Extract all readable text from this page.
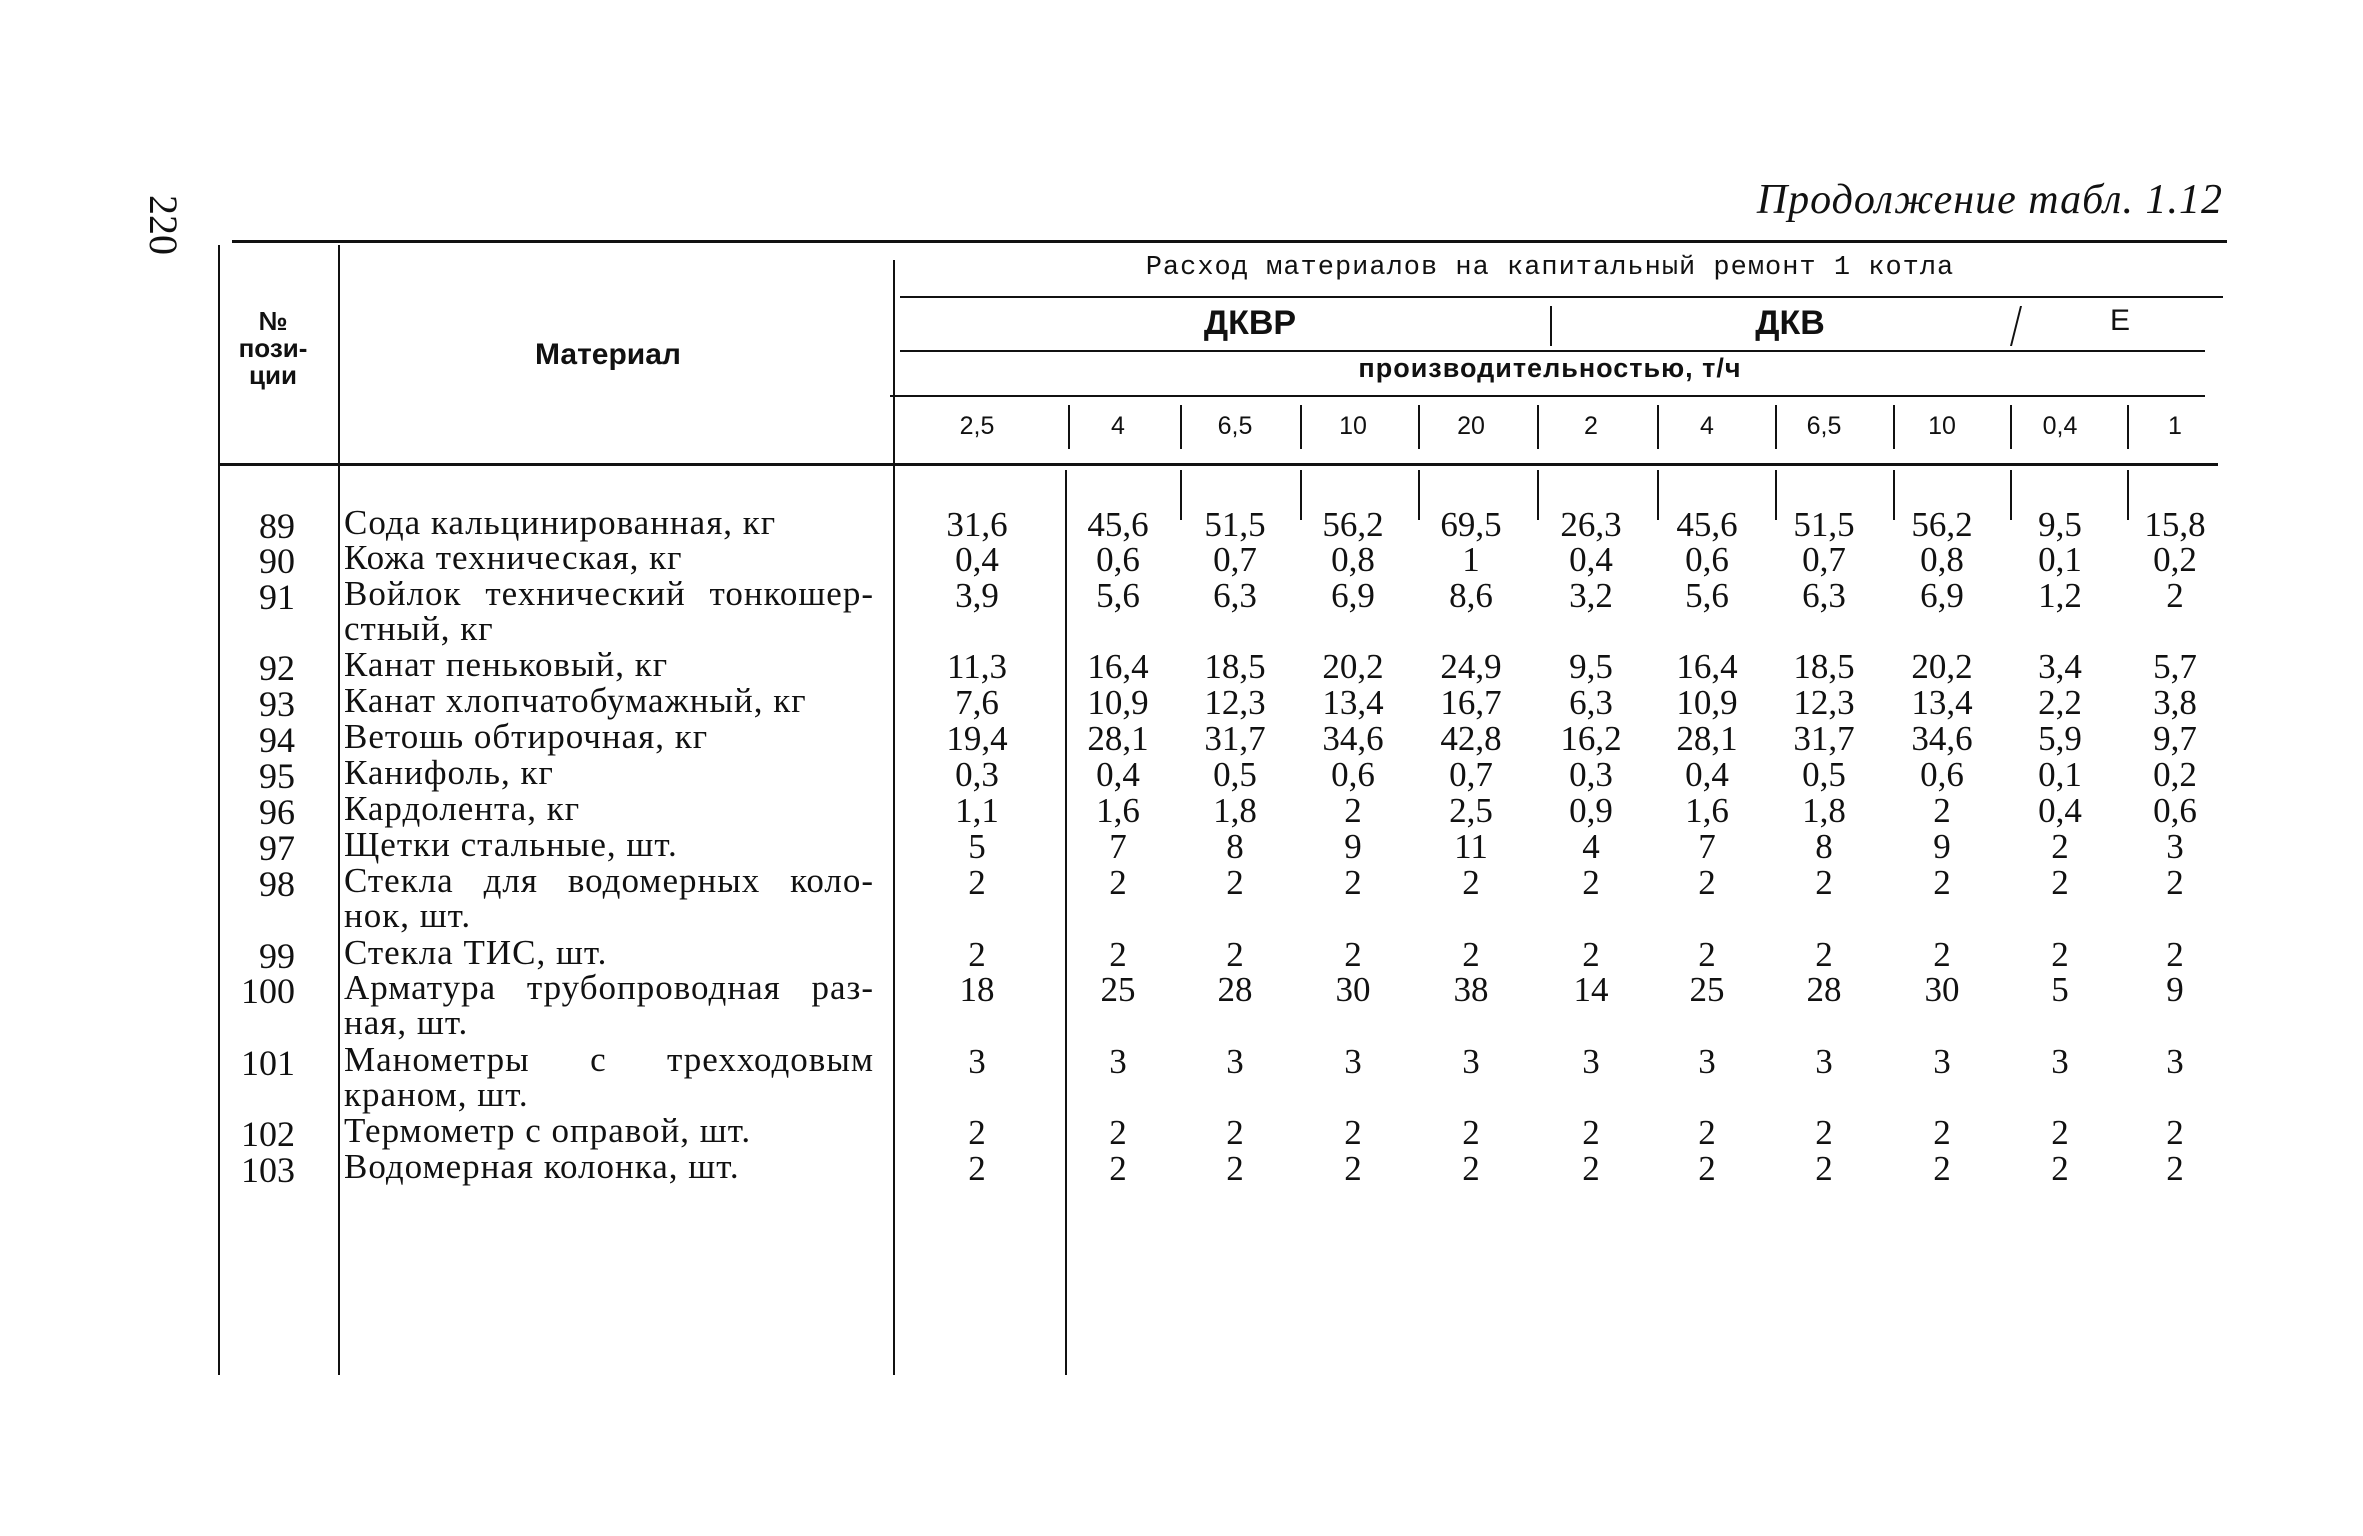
220	Продолжение табл. 1.12
№
пози-
ции
Материал
Расход материалов на капитальный ремонт 1 котла
ДКВР	ДКВ	Е
производительностью, т/ч
2,5	4	6,5	10	20	2	4	6,5	10	0,4	1
89 Сода кальцинированная, кг	31,6	45,6	51,5	56,2	69,5	26,3	45,6	51,5	56,2	9,5	15,8
90 Кожа техническая, кг	0,4	0,6	0,7	0,8	1	0,4	0,6	0,7	0,8	0,1	0,2
91 Войлок технический тонкошер-
стный, кг
3,9	5,6	6,3	6,9	8,6	3,2	5,6	6,3	6,9	1,2	2
92 Канат пеньковый, кг	11,3	16,4	18,5	20,2	24,9	9,5	16,4	18,5	20,2	3,4	5,7
93 Канат хлопчатобумажный, кг	7,6	10,9	12,3	13,4	16,7	6,3	10,9	12,3	13,4	2,2	3,8
94 Ветошь обтирочная, кг	19,4	28,1	31,7	34,6	42,8	16,2	28,1	31,7	34,6	5,9	9,7
95 Канифоль, кг	0,3	0,4	0,5	0,6	0,7	0,3	0,4	0,5	0,6	0,1	0,2
96 Кардолента, кг	1,1	1,6	1,8	2	2,5	0,9	1,6	1,8	2	0,4	0,6
97 Щетки стальные, шт.	5	7	8	9	11	4	7	8	9	2	3
98 Стекла для водомерных коло-
нок, шт.
2	2	2	2	2	2	2	2	2	2	2
99 Стекла ТИС, шт.	2	2	2	2	2	2	2	2	2	2	2
100 Арматура трубопроводная раз-
ная, шт.
18	25	28	30	38	14	25	28	30	5	9
101 Манометры с трехходовым
краном, шт.
3	3	3	3	3	3	3	3	3	3	3
102 Термометр с оправой, шт.	2	2	2	2	2	2	2	2	2	2	2
103 Водомерная колонка, шт.	2	2	2	2	2	2	2	2	2	2	2
